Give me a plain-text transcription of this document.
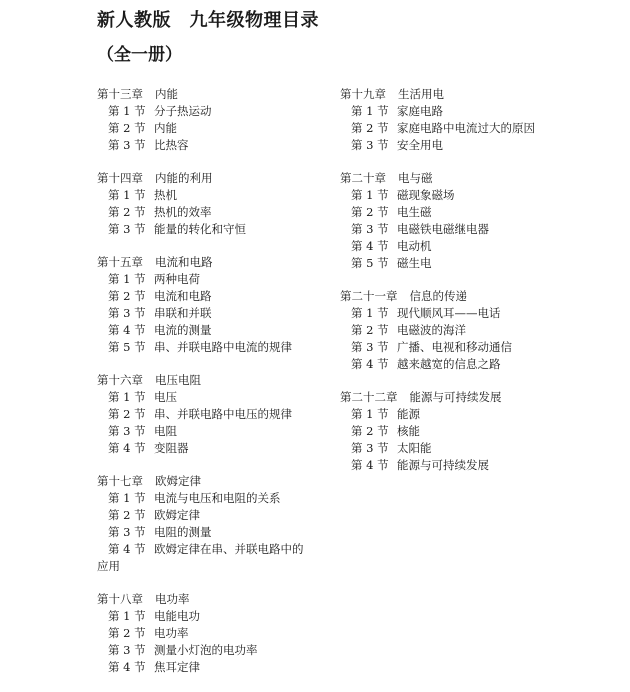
新人教版　九年级物理目录
（全一册）
第十三章 内能
第 1 节 分子热运动
第 2 节 内能
第 3 节 比热容
第十四章 内能的利用
第 1 节 热机
第 2 节 热机的效率
第 3 节 能量的转化和守恒
第十五章 电流和电路
第 1 节 两种电荷
第 2 节 电流和电路
第 3 节 串联和并联
第 4 节 电流的测量
第 5 节 串、并联电路中电流的规律
第十六章 电压电阻
第 1 节 电压
第 2 节 串、并联电路中电压的规律
第 3 节 电阻
第 4 节 变阻器
第十七章 欧姆定律
第 1 节 电流与电压和电阻的关系
第 2 节 欧姆定律
第 3 节 电阻的测量
第 4 节 欧姆定律在串、并联电路中的
应用
第十八章 电功率
第 1 节 电能电功
第 2 节 电功率
第 3 节 测量小灯泡的电功率
第 4 节 焦耳定律
第十九章 生活用电
第 1 节 家庭电路
第 2 节 家庭电路中电流过大的原因
第 3 节 安全用电
第二十章 电与磁
第 1 节 磁现象磁场
第 2 节 电生磁
第 3 节 电磁铁电磁继电器
第 4 节 电动机
第 5 节 磁生电
第二十一章 信息的传递
第 1 节 现代顺风耳——电话
第 2 节 电磁波的海洋
第 3 节 广播、电视和移动通信
第 4 节 越来越宽的信息之路
第二十二章 能源与可持续发展
第 1 节 能源
第 2 节 核能
第 3 节 太阳能
第 4 节 能源与可持续发展
